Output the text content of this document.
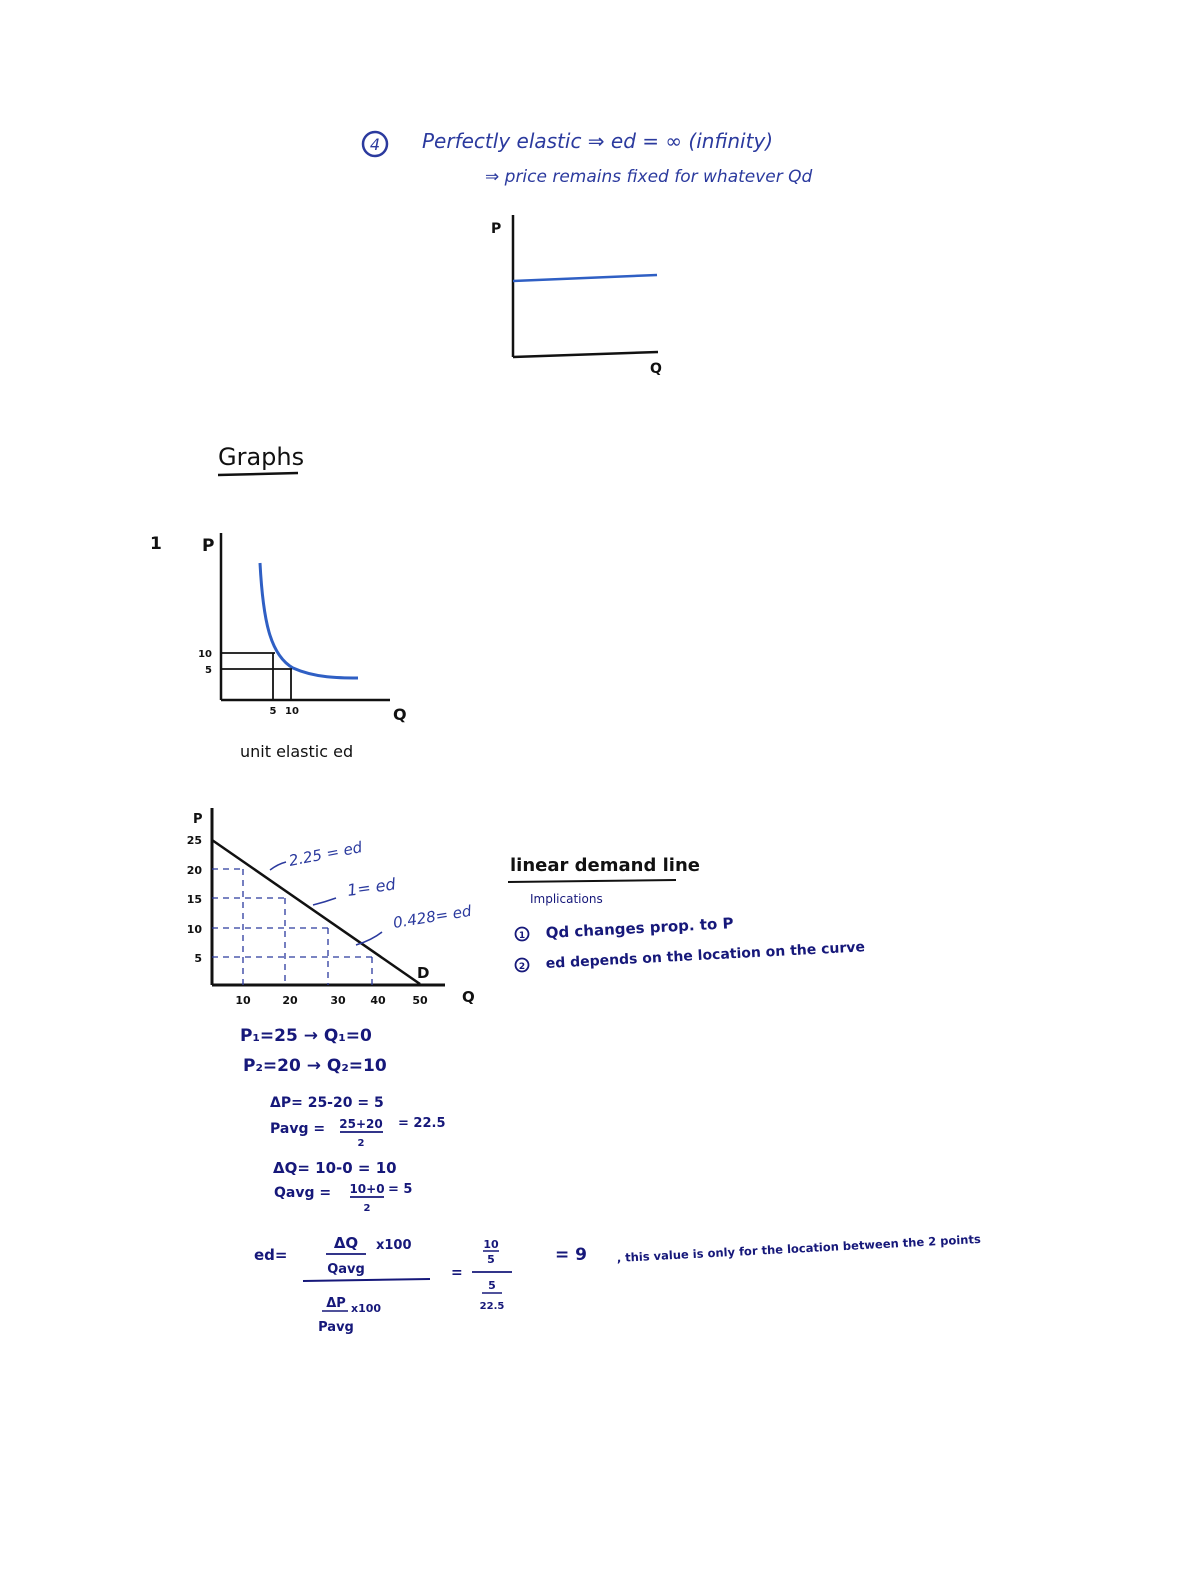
4 Perfectly elastic ⇒ ed = ∞ (infinity)
⇒ price remains fixed for whatever Qd
P
Q
Graphs
1 P
10
5
5 10	Q
unit elastic ed
P
25
20
15
10
5
10	20	30 40 50 Q
D
2.25 = ed
1= ed
0.428= ed
linear demand line
Implications
1 Qd changes prop. to P
2 ed depends on the location on the curve
P₁=25 → Q₁=0
P₂=20 → Q₂=10
ΔP= 25-20 = 5
Pavg = 25+20
2
= 22.5
ΔQ= 10-0 = 10
Qavg = 10+0
2
= 5
ed=
ΔQ x100
Qavg
ΔP x100
Pavg
=
10
5
5
22.5
= 9	, this value is only for the location between the 2 points
